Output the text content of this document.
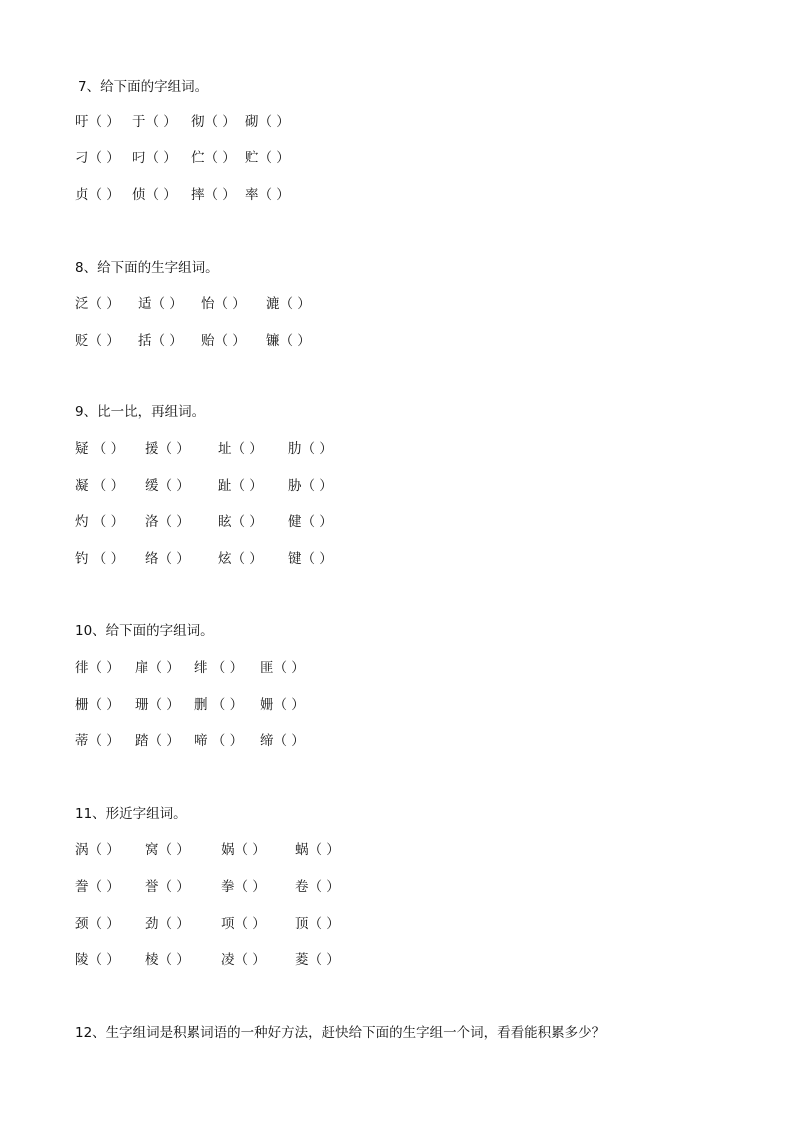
7、给下面的字组词。
吁（ ） 于（ ） 彻（ ） 砌（ ）
刁（ ） 叼（ ） 伫（ ） 贮（ ）
贞（ ） 侦（ ） 摔（ ） 率（ ）
8、给下面的生字组词。
泛（ ） 适（ ） 怡（ ） 漉（ ）
贬（ ） 括（ ） 贻（ ） 镰（ ）
9、比一比，再组词。
疑 （ ） 援（ ） 址（ ） 肋（ ）
凝 （ ） 缓（ ） 趾（ ） 胁（ ）
灼 （ ） 洛（ ） 眩（ ） 健（ ）
钓 （ ） 络（ ） 炫（ ） 键（ ）
10、给下面的字组词。
徘（ ） 扉（ ） 绯 （ ） 匪（ ）
栅（ ） 珊（ ） 删 （ ） 姗（ ）
蒂（ ） 踏（ ） 啼 （ ） 缔（ ）
11、形近字组词。
涡（ ） 窝（ ） 娲（ ） 蜗（ ）
誊（ ） 誉（ ） 拳（ ） 卷（ ）
颈（ ） 劲（ ） 项（ ） 顶（ ）
陵（ ） 棱（ ） 凌（ ） 菱（ ）
12、生字组词是积累词语的一种好方法，赶快给下面的生字组一个词，看看能积累多少？
